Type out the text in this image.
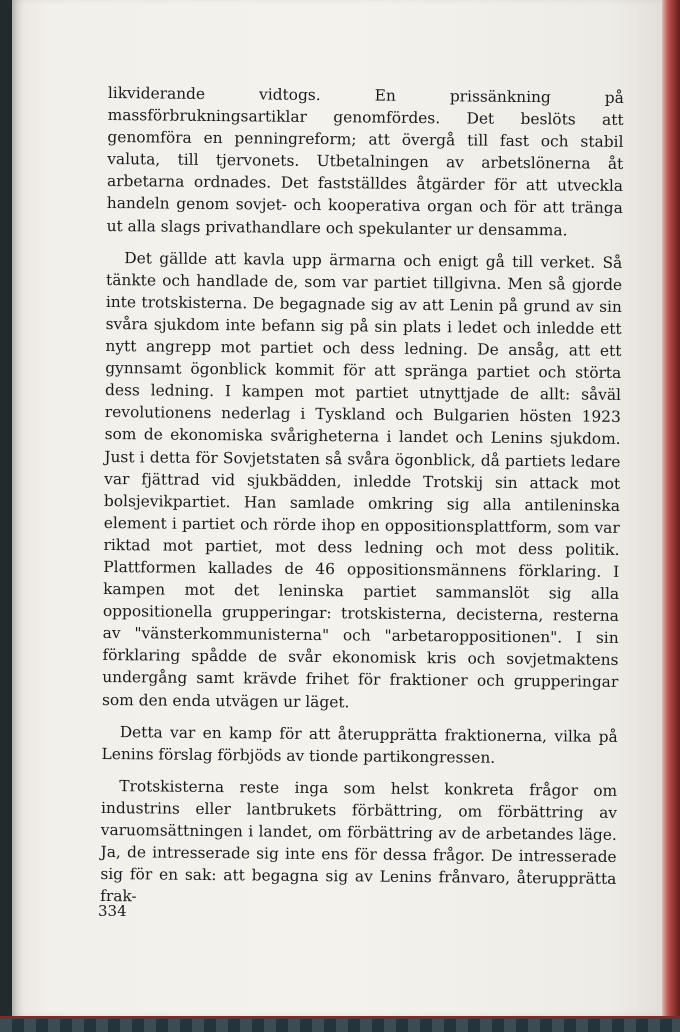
likviderande vidtogs. En prissänkning på massförbrukningsartiklar genomfördes. Det beslöts att genomföra en penningreform; att övergå till fast och stabil valuta, till tjervonets. Utbetalningen av arbetslönerna åt arbetarna ordnades. Det fastställdes åtgärder för att utveckla handeln genom sovjet- och kooperativa organ och för att tränga ut alla slags privathandlare och spekulanter ur densamma.

Det gällde att kavla upp ärmarna och enigt gå till verket. Så tänkte och handlade de, som var partiet tillgivna. Men så gjorde inte trotskisterna. De begagnade sig av att Lenin på grund av sin svåra sjukdom inte befann sig på sin plats i ledet och inledde ett nytt angrepp mot partiet och dess ledning. De ansåg, att ett gynnsamt ögonblick kommit för att spränga partiet och störta dess ledning. I kampen mot partiet utnyttjade de allt: såväl revolutionens nederlag i Tyskland och Bulgarien hösten 1923 som de ekonomiska svårigheterna i landet och Lenins sjukdom. Just i detta för Sovjetstaten så svåra ögonblick, då partiets ledare var fjättrad vid sjukbädden, inledde Trotskij sin attack mot bolsjevikpartiet. Han samlade omkring sig alla antileninska element i partiet och rörde ihop en oppositionsplattform, som var riktad mot partiet, mot dess ledning och mot dess politik. Plattformen kallades de 46 oppositionsmännens förklaring. I kampen mot det leninska partiet sammanslöt sig alla oppositionella grupperingar: trotskisterna, decisterna, resterna av "vänsterkommunisterna" och "arbetaroppositionen". I sin förklaring spådde de svår ekonomisk kris och sovjetmaktens undergång samt krävde frihet för fraktioner och grupperingar som den enda utvägen ur läget.

Detta var en kamp för att återupprätta fraktionerna, vilka på Lenins förslag förbjöds av tionde partikongressen.

Trotskisterna reste inga som helst konkreta frågor om industrins eller lantbrukets förbättring, om förbättring av varuomsättningen i landet, om förbättring av de arbetandes läge. Ja, de intresserade sig inte ens för dessa frågor. De intresserade sig för en sak: att begagna sig av Lenins frånvaro, återupprätta frak-

334
